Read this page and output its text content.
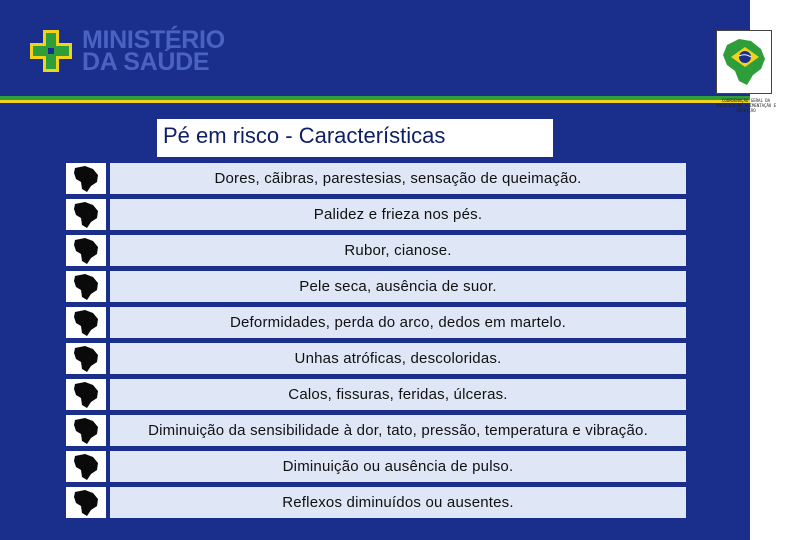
MINISTÉRIO
DA SAÚDE
COORDENAÇÃO GERAL DA POLÍTICA DE ALIMENTAÇÃO E NUTRIÇÃO
Pé em risco - Características
Dores, cãibras, parestesias, sensação de queimação.
Palidez e frieza nos pés.
Rubor, cianose.
Pele seca, ausência de suor.
Deformidades, perda do arco, dedos em martelo.
Unhas atróficas, descoloridas.
Calos, fissuras, feridas, úlceras.
Diminuição da sensibilidade à dor, tato, pressão, temperatura e vibração.
Diminuição ou ausência de pulso.
Reflexos diminuídos ou ausentes.
